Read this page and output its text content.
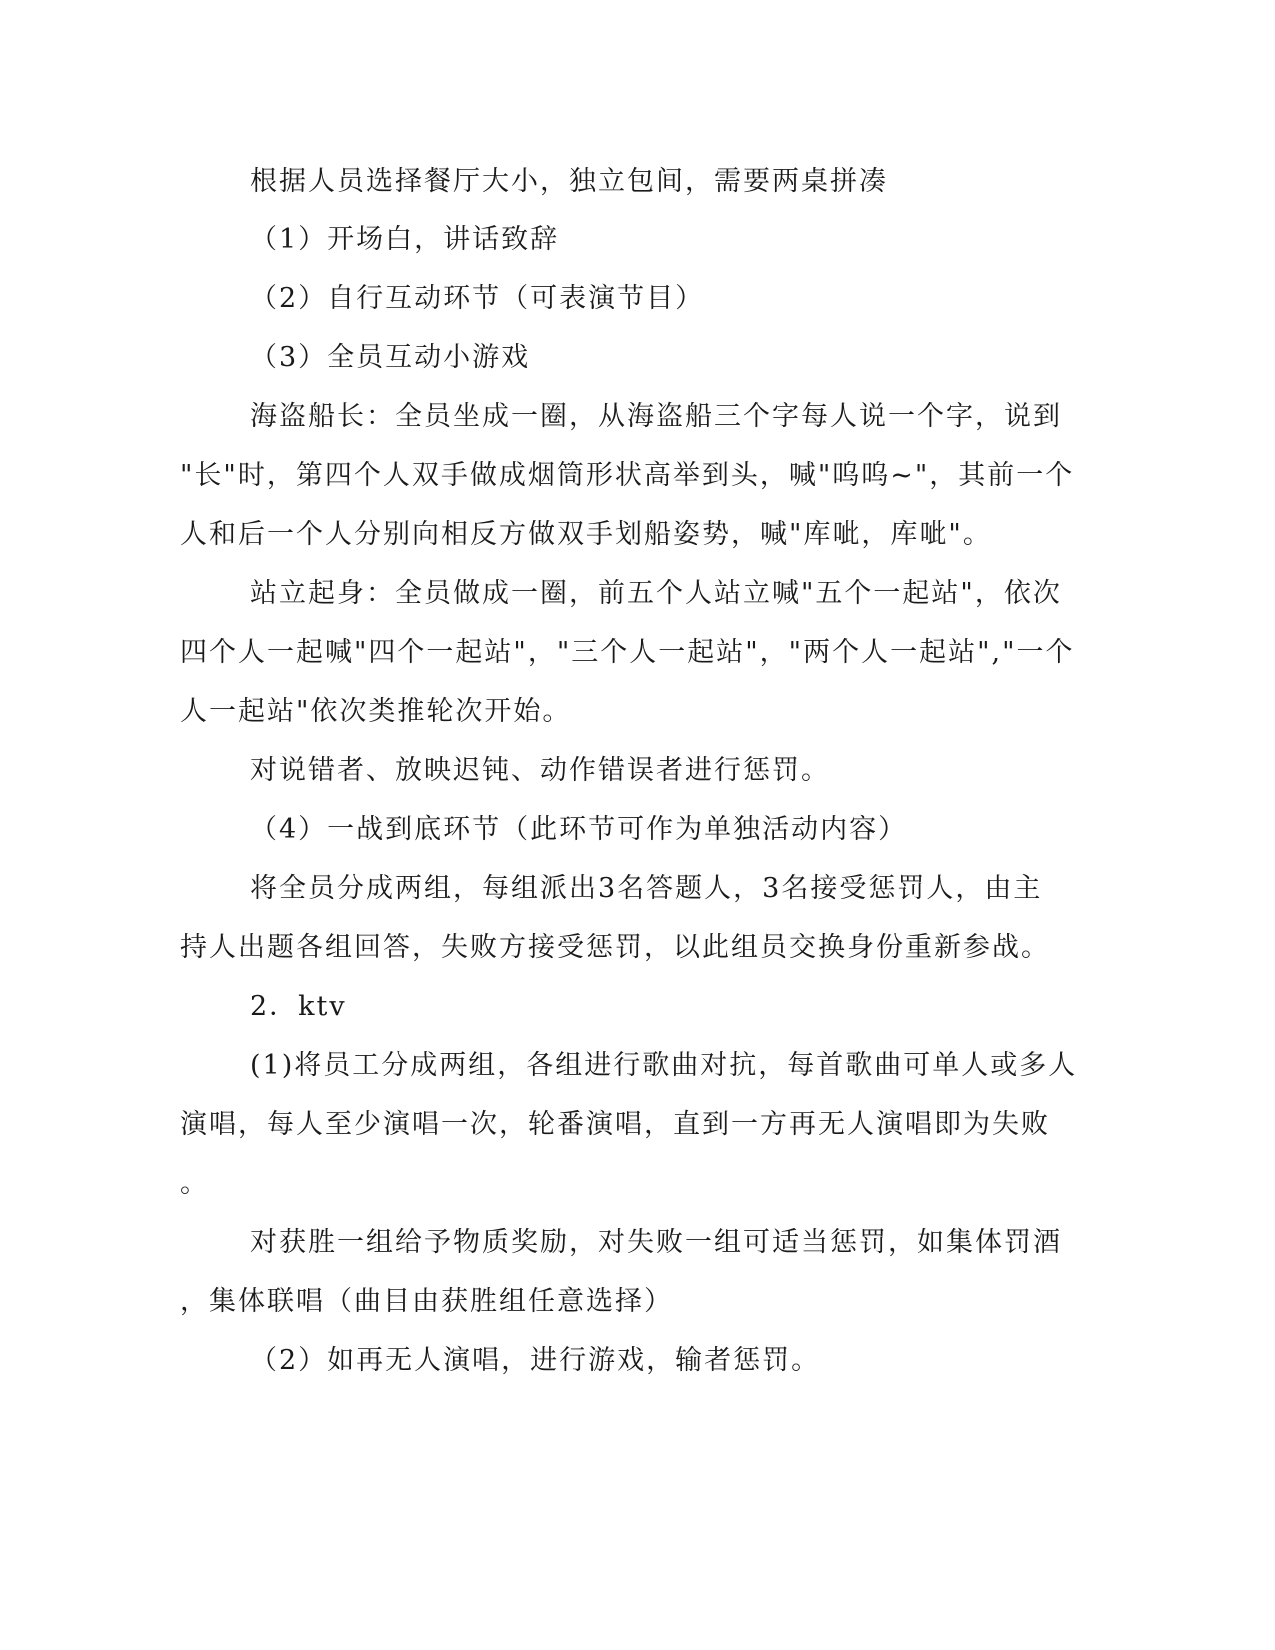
根据人员选择餐厅大小，独立包间，需要两桌拼凑
（1）开场白，讲话致辞
（2）自行互动环节（可表演节目）
（3）全员互动小游戏
海盗船长：全员坐成一圈，从海盗船三个字每人说一个字，说到
"长"时，第四个人双手做成烟筒形状高举到头，喊"呜呜~"，其前一个
人和后一个人分别向相反方做双手划船姿势，喊"库呲，库呲"。
站立起身：全员做成一圈，前五个人站立喊"五个一起站"，依次
四个人一起喊"四个一起站"，"三个人一起站"，"两个人一起站","一个
人一起站"依次类推轮次开始。
对说错者、放映迟钝、动作错误者进行惩罚。
（4）一战到底环节（此环节可作为单独活动内容）
将全员分成两组，每组派出3名答题人，3名接受惩罚人，由主
持人出题各组回答，失败方接受惩罚，以此组员交换身份重新参战。
2．ktv
(1)将员工分成两组，各组进行歌曲对抗，每首歌曲可单人或多人
演唱，每人至少演唱一次，轮番演唱，直到一方再无人演唱即为失败
。
对获胜一组给予物质奖励，对失败一组可适当惩罚，如集体罚酒
，集体联唱（曲目由获胜组任意选择）
（2）如再无人演唱，进行游戏，输者惩罚。
